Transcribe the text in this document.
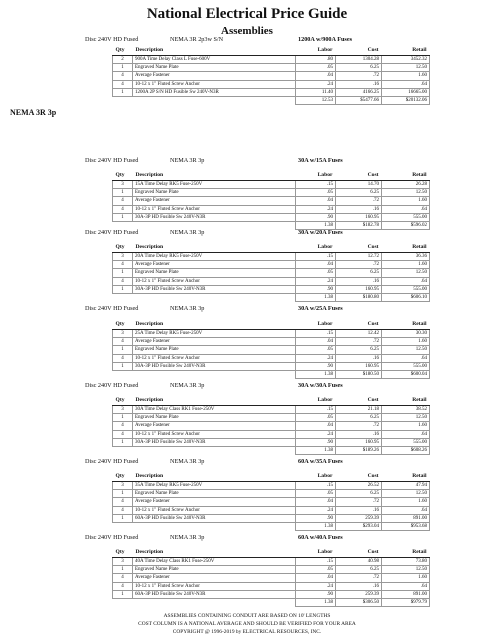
National Electrical Price Guide
Assemblies
Disc 240V HD Fused	NEMA 3R 2p3w S/N	1200A w/900A Fuses
NEMA 3R 3p
Qty	Description	Labor	Cost	Retail
2	900A Time Delay Class L Fuse-600V	.80	1304.28	3452.32
1	Engraved Name Plate	.05	6.25	12.50
4	Average Fastener	.04	.72	1.60
4	10-12 x 1" Fluted Screw Anchor	.24	.16	.64
1	1200A 2P S/N HD Fusible Sw 240V-N3R	11.40	4166.25	16665.00
		12.53	$5477.66	$20132.06
Disc 240V HD Fused	NEMA 3R 3p	30A w/15A Fuses
Qty	Description	Labor	Cost	Retail
3	15A Time Delay RK5 Fuse-250V	.15	14.70	26.28
1	Engraved Name Plate	.05	6.25	12.50
4	Average Fastener	.04	.72	1.60
4	10-12 x 1" Fluted Screw Anchor	.24	.16	.64
1	30A-3P HD Fusible Sw 240V-N3R	.90	160.95	555.00
		1.38	$182.78	$596.02
Disc 240V HD Fused	NEMA 3R 3p	30A w/20A Fuses
Qty	Description	Labor	Cost	Retail
3	20A Time Delay RK5 Fuse-250V	.15	12.72	36.36
4	Average Fastener	.04	.72	1.60
1	Engraved Name Plate	.05	6.25	12.50
4	10-12 x 1" Fluted Screw Anchor	.24	.16	.64
1	30A-3P HD Fusible Sw 240V-N3R	.90	160.95	555.00
		1.38	$180.80	$606.10
Disc 240V HD Fused	NEMA 3R 3p	30A w/25A Fuses
Qty	Description	Labor	Cost	Retail
3	25A Time Delay RK5 Fuse-250V	.15	12.42	30.30
4	Average Fastener	.04	.72	1.60
1	Engraved Name Plate	.05	6.25	12.50
4	10-12 x 1" Fluted Screw Anchor	.24	.16	.64
1	30A-3P HD Fusible Sw 240V-N3R	.90	160.95	555.00
		1.38	$180.50	$600.04
Disc 240V HD Fused	NEMA 3R 3p	30A w/30A Fuses
Qty	Description	Labor	Cost	Retail
3	30A Time Delay Class RK1 Fuse-250V	.15	21.18	38.52
1	Engraved Name Plate	.05	6.25	12.50
4	Average Fastener	.04	.72	1.60
4	10-12 x 1" Fluted Screw Anchor	.24	.16	.64
1	30A-3P HD Fusible Sw 240V-N3R	.90	160.95	555.00
		1.38	$189.26	$608.26
Disc 240V HD Fused	NEMA 3R 3p	60A w/35A Fuses
Qty	Description	Labor	Cost	Retail
3	35A Time Delay RK5 Fuse-250V	.15	26.52	47.94
1	Engraved Name Plate	.05	6.25	12.50
4	Average Fastener	.04	.72	1.60
4	10-12 x 1" Fluted Screw Anchor	.24	.16	.64
1	60A-3P HD Fusible Sw 240V-N3R	.90	259.39	891.00
		1.38	$293.04	$953.68
Disc 240V HD Fused	NEMA 3R 3p	60A w/40A Fuses
Qty	Description	Labor	Cost	Retail
3	40A Time Delay Class RK1 Fuse-250V	.15	40.98	73.80
1	Engraved Name Plate	.05	6.25	12.50
4	Average Fastener	.04	.72	1.60
4	10-12 x 1" Fluted Screw Anchor	.24	.16	.64
1	60A-3P HD Fusible Sw 240V-N3R	.90	259.39	891.00
		1.38	$306.50	$979.79
ASSEMBLIES CONTAINING CONDUIT ARE BASED ON 10' LENGTHS
COST COLUMN IS A NATIONAL AVERAGE AND SHOULD BE VERIFIED FOR YOUR AREA
COPYRIGHT @ 1996-2019 by ELECTRICAL RESOURCES, INC.
